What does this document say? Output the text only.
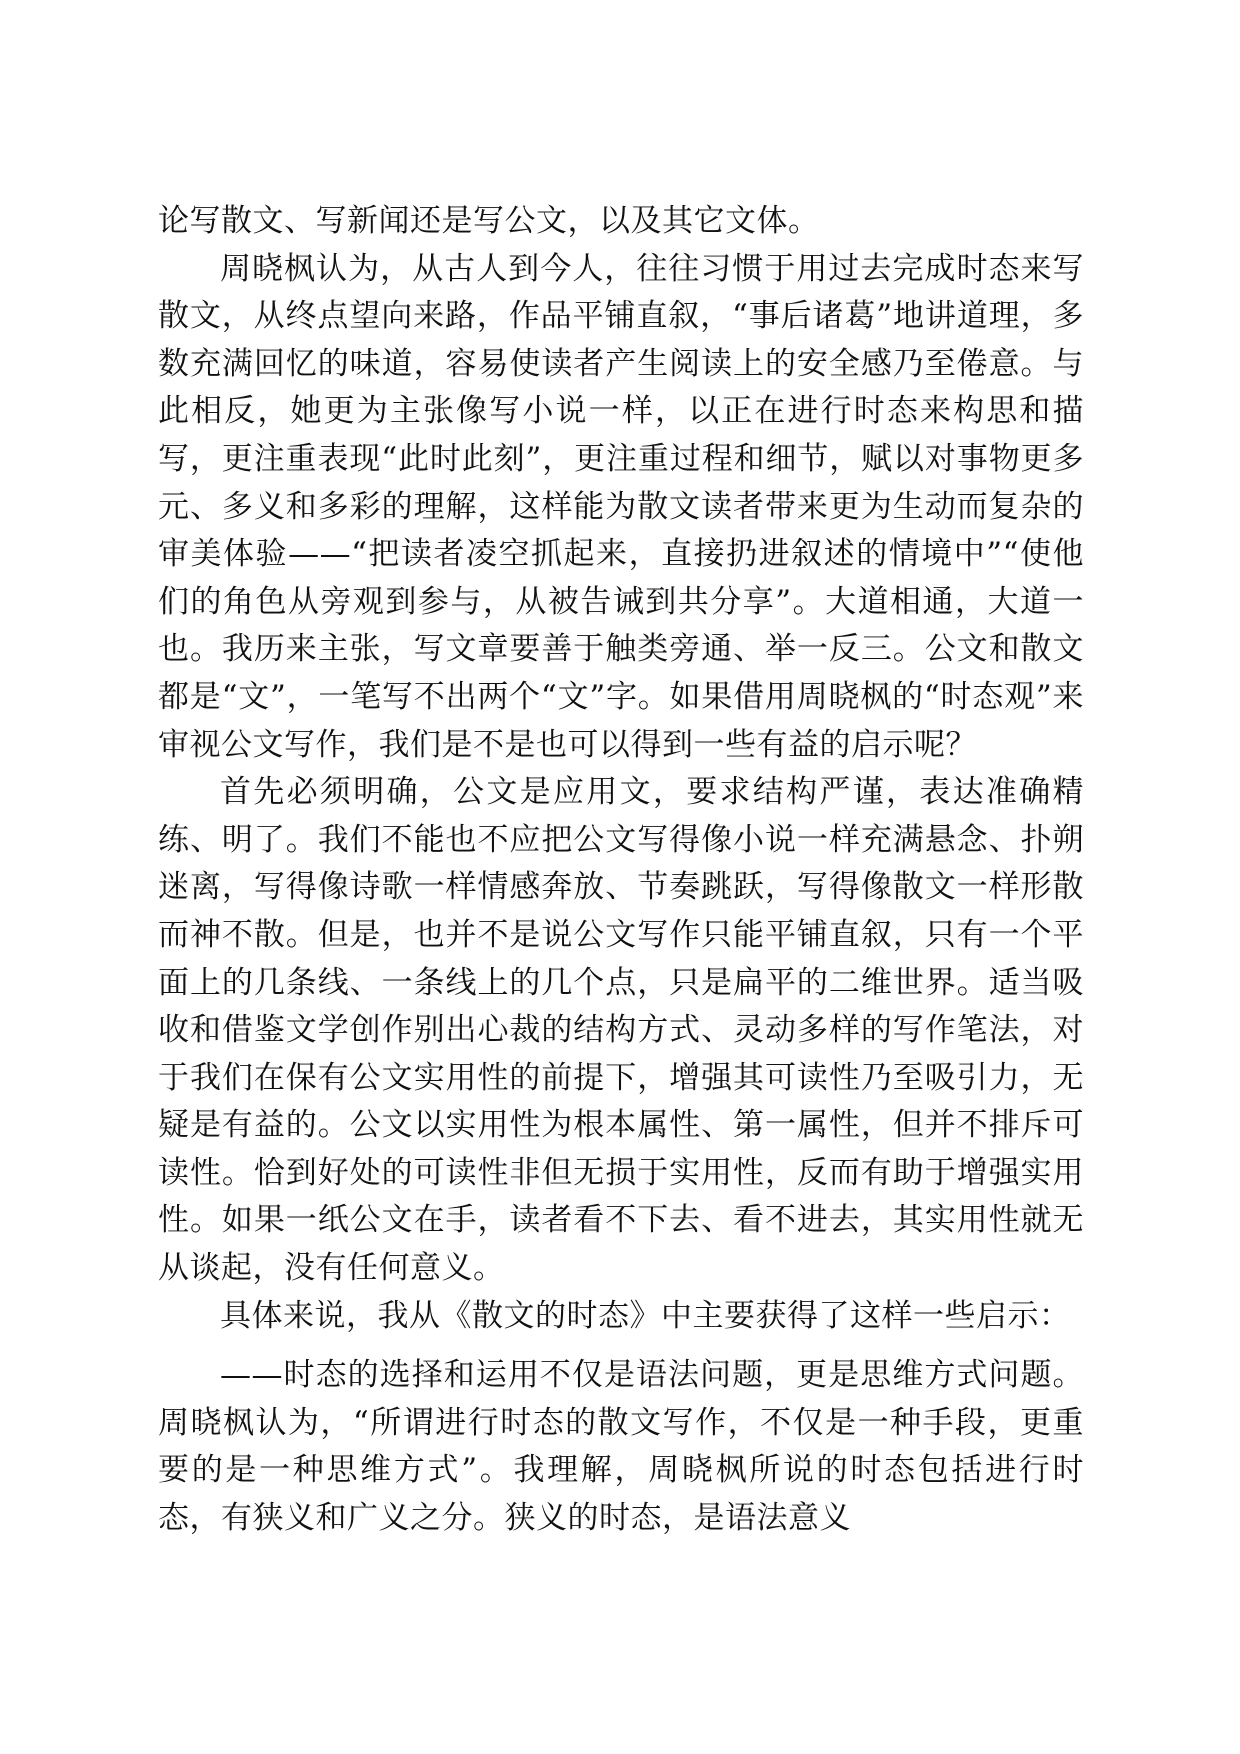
论写散文、写新闻还是写公文，以及其它文体。

周晓枫认为，从古人到今人，往往习惯于用过去完成时态来写散文，从终点望向来路，作品平铺直叙，“事后诸葛”地讲道理，多数充满回忆的味道，容易使读者产生阅读上的安全感乃至倦意。与此相反，她更为主张像写小说一样，以正在进行时态来构思和描写，更注重表现“此时此刻”，更注重过程和细节，赋以对事物更多元、多义和多彩的理解，这样能为散文读者带来更为生动而复杂的审美体验——“把读者凌空抓起来，直接扔进叙述的情境中”“使他们的角色从旁观到参与，从被告诫到共分享”。大道相通，大道一也。我历来主张，写文章要善于触类旁通、举一反三。公文和散文都是“文”，一笔写不出两个“文”字。如果借用周晓枫的“时态观”来审视公文写作，我们是不是也可以得到一些有益的启示呢？

首先必须明确，公文是应用文，要求结构严谨，表达准确精练、明了。我们不能也不应把公文写得像小说一样充满悬念、扑朔迷离，写得像诗歌一样情感奔放、节奏跳跃，写得像散文一样形散而神不散。但是，也并不是说公文写作只能平铺直叙，只有一个平面上的几条线、一条线上的几个点，只是扁平的二维世界。适当吸收和借鉴文学创作别出心裁的结构方式、灵动多样的写作笔法，对于我们在保有公文实用性的前提下，增强其可读性乃至吸引力，无疑是有益的。公文以实用性为根本属性、第一属性，但并不排斥可读性。恰到好处的可读性非但无损于实用性，反而有助于增强实用性。如果一纸公文在手，读者看不下去、看不进去，其实用性就无从谈起，没有任何意义。

具体来说，我从《散文的时态》中主要获得了这样一些启示：

——时态的选择和运用不仅是语法问题，更是思维方式问题。周晓枫认为，“所谓进行时态的散文写作，不仅是一种手段，更重要的是一种思维方式”。我理解，周晓枫所说的时态包括进行时态，有狭义和广义之分。狭义的时态，是语法意义
